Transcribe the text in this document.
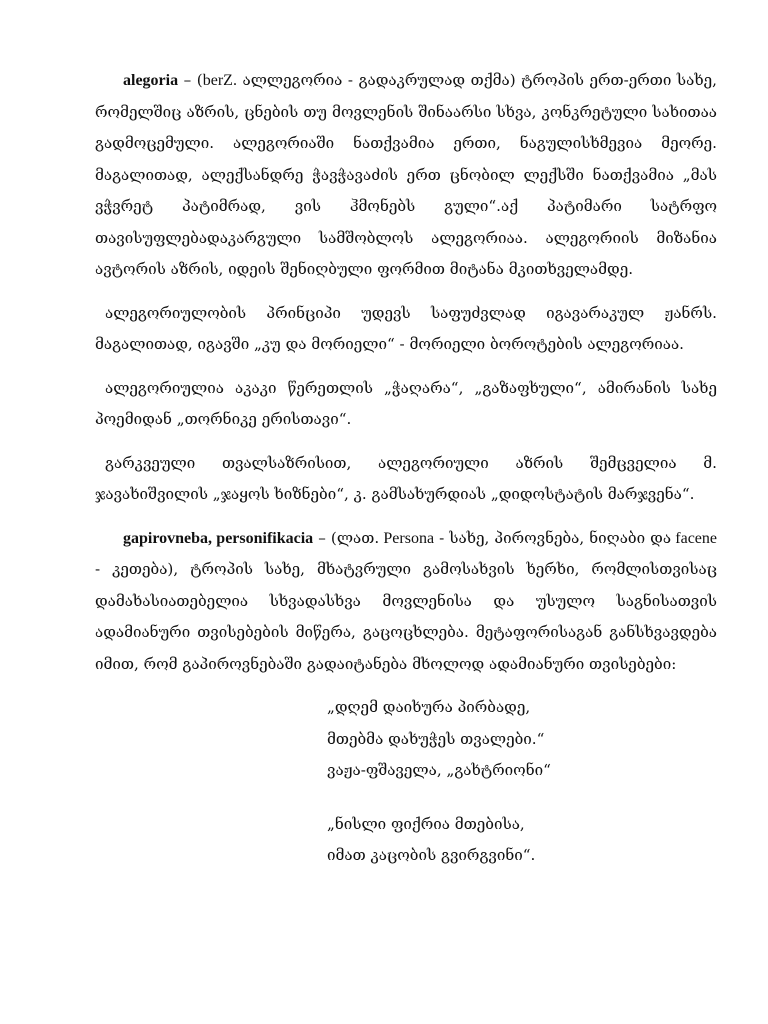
alegoria – (berZ. ალლეგორია - გადაკრულად თქმა) ტროპის ერთ-ერთი სახე, რომელშიც აზრის, ცნების თუ მოვლენის შინაარსი სხვა, კონკრეტული სახითაა გადმოცემული. ალეგორიაში ნათქვამია ერთი, ნაგულისხმევია მეორე. მაგალითად, ალექსანდრე ჭავჭავაძის ერთ ცნობილ ლექსში ნათქვამია „მას ვჭვრეტ პატიმრად, ვის ჰმონებს გული“.აქ პატიმარი სატრფო თავისუფლებადაკარგული სამშობლოს ალეგორიაა. ალეგორიის მიზანია ავტორის აზრის, იდეის შენიღბული ფორმით მიტანა მკითხველამდე.

ალეგორიულობის პრინციპი უდევს საფუძვლად იგავარაკულ ჟანრს. მაგალითად, იგავში „კუ და მორიელი“ - მორიელი ბოროტების ალეგორიაა.

ალეგორიულია აკაკი წერეთლის „ჭაღარა“, „გაზაფხული“, ამირანის სახე პოემიდან „თორნიკე ერისთავი“.

გარკვეული თვალსაზრისით, ალეგორიული აზრის შემცველია მ. ჯავახიშვილის „ჯაყოს ხიზნები“, კ. გამსახურდიას „დიდოსტატის მარჯვენა“.

gapirovneba, personifikacia – (ლათ. Persona - სახე, პიროვნება, ნიღაბი და facene - კეთება), ტროპის სახე, მხატვრული გამოსახვის ხერხი, რომლისთვისაც დამახასიათებელია სხვადასხვა მოვლენისა და უსულო საგნისათვის ადამიანური თვისებების მიწერა, გაცოცხლება. მეტაფორისაგან განსხვავდება იმით, რომ გაპიროვნებაში გადაიტანება მხოლოდ ადამიანური თვისებები:

„დღემ დაიხურა პირბადე,
მთებმა დახუჭეს თვალები.“
ვაჟა-ფშაველა, „გახტრიონი“
„ნისლი ფიქრია მთებისა,
იმათ კაცობის გვირგვინი“.
